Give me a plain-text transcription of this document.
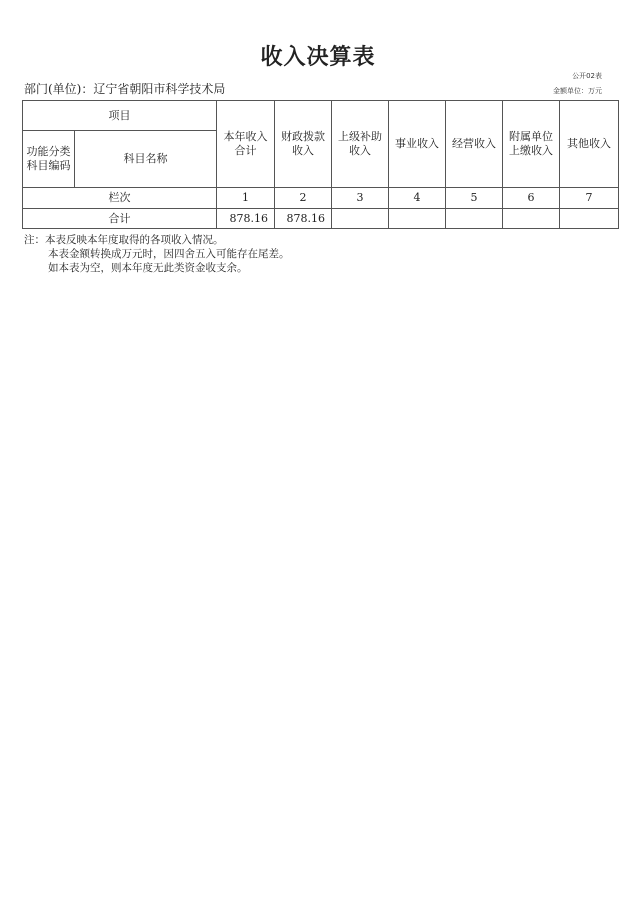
收入决算表
公开02表
金额单位：万元
部门(单位)：辽宁省朝阳市科学技术局
项目		本年收入合计	财政拨款收入	上级补助收入	事业收入	经营收入	附属单位上缴收入	其他收入
功能分类科目编码	科目名称							
栏次		1	2	3	4	5	6	7
合计		878.16	878.16					
注：本表反映本年度取得的各项收入情况。
本表金额转换成万元时，因四舍五入可能存在尾差。
如本表为空，则本年度无此类资金收支余。
